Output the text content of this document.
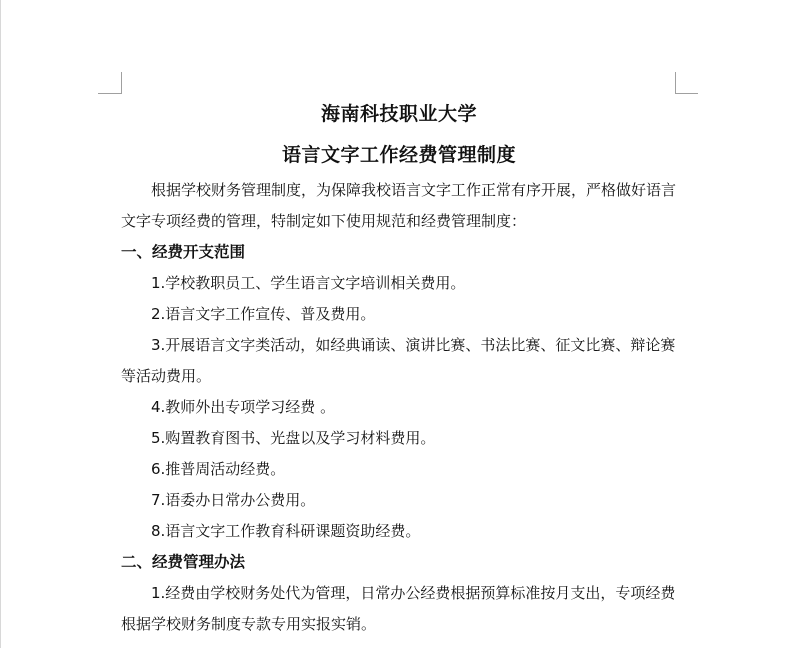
海南科技职业大学

语言文字工作经费管理制度

根据学校财务管理制度，为保障我校语言文字工作正常有序开展，严格做好语言文字专项经费的管理，特制定如下使用规范和经费管理制度：

一、经费开支范围

1.学校教职员工、学生语言文字培训相关费用。

2.语言文字工作宣传、普及费用。

3.开展语言文字类活动，如经典诵读、演讲比赛、书法比赛、征文比赛、辩论赛等活动费用。

4.教师外出专项学习经费 。

5.购置教育图书、光盘以及学习材料费用。

6.推普周活动经费。

7.语委办日常办公费用。

8.语言文字工作教育科研课题资助经费。

二、经费管理办法

1.经费由学校财务处代为管理，日常办公经费根据预算标准按月支出，专项经费根据学校财务制度专款专用实报实销。
